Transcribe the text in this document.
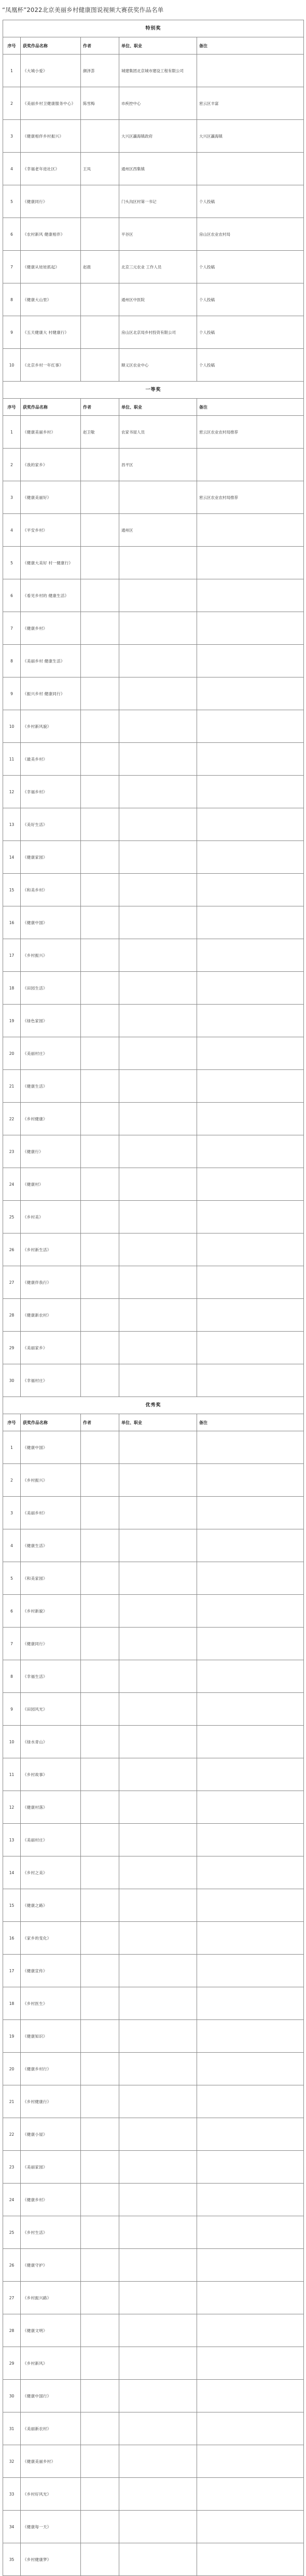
“凤凰杯”2022北京美丽乡村健康图说视频大赛获奖作品名单
特别奖				
序号	获奖作品名称	作者	单位、职业	备注
1	《大城小爱》	颜泽荟	城建集团北京城市建设工程有限公司	
2	《美丽乡村卫健康服务中心》	陈雪梅	市疾控中心	密云区丰富
3	《健康相伴乡村振兴》		大兴区瀛海镇政府	大兴区瀛海镇
4	《幸福老年进社区》	王凤	通州区西集镇	
5	《健康同行》		门头沟区村第一书记	个人投稿
6	《农村新风 健康相伴》		平谷区	房山区农业农村局
7	《健康从娃娃抓起》	赵晨	北京三元农业 工作人员	个人投稿
8	《健康大山里》		通州区中医院	个人投稿
9	《五天健康大 村健康行》		房山区北京局乡村投资有限公司	个人投稿
10	《北京乡村一年红事》		顺义区农业中心	个人投稿
一等奖				
序号	获奖作品名称	作者	单位、职业	备注
1	《健康美丽乡村》	赵卫敬	农家书屋人员	密云区农业农村局推荐
2	《我的家乡》		昌平区	
3	《健康美丽好》			密云区农业农村局推荐
4	《平安乡村》		通州区	
5	《健康大美好 村一健康行》			
6	《看见乡村的 健康生活》			
7	《健康乡村》			
8	《美丽乡村 健康生活》			
9	《振兴乡村 健康同行》			
10	《乡村新风貌》			
11	《最美乡村》			
12	《幸福乡村》			
13	《美好生活》			
14	《健康家园》			
15	《和美乡村》			
16	《健康中国》			
17	《乡村振兴》			
18	《田园生活》			
19	《绿色家园》			
20	《美丽村庄》			
21	《健康生活》			
22	《乡村健康》			
23	《健康行》			
24	《健康村》			
25	《乡村美》			
26	《乡村新生活》			
27	《健康伴我行》			
28	《健康新农村》			
29	《美丽家乡》			
30	《幸福村庄》			
优秀奖				
序号	获奖作品名称	作者	单位、职业	备注
1	《健康中国》			
2	《乡村振兴》			
3	《美丽乡村》			
4	《健康生活》			
5	《和美家园》			
6	《乡村新貌》			
7	《健康同行》			
8	《幸福生活》			
9	《田园风光》			
10	《绿水青山》			
11	《乡村故事》			
12	《健康村落》			
13	《美丽村庄》			
14	《乡村之美》			
15	《健康之路》			
16	《家乡的变化》			
17	《健康宣传》			
18	《乡村医生》			
19	《健康知识》			
20	《健康乡村行》			
21	《乡村健康行》			
22	《健康小屋》			
23	《美丽家园》			
24	《健康乡村》			
25	《乡村生活》			
26	《健康守护》			
27	《乡村振兴路》			
28	《健康文明》			
29	《乡村新风》			
30	《健康中国行》			
31	《美丽新农村》			
32	《健康美丽乡村》			
33	《乡村好风光》			
34	《健康每一天》			
35	《乡村健康梦》			
